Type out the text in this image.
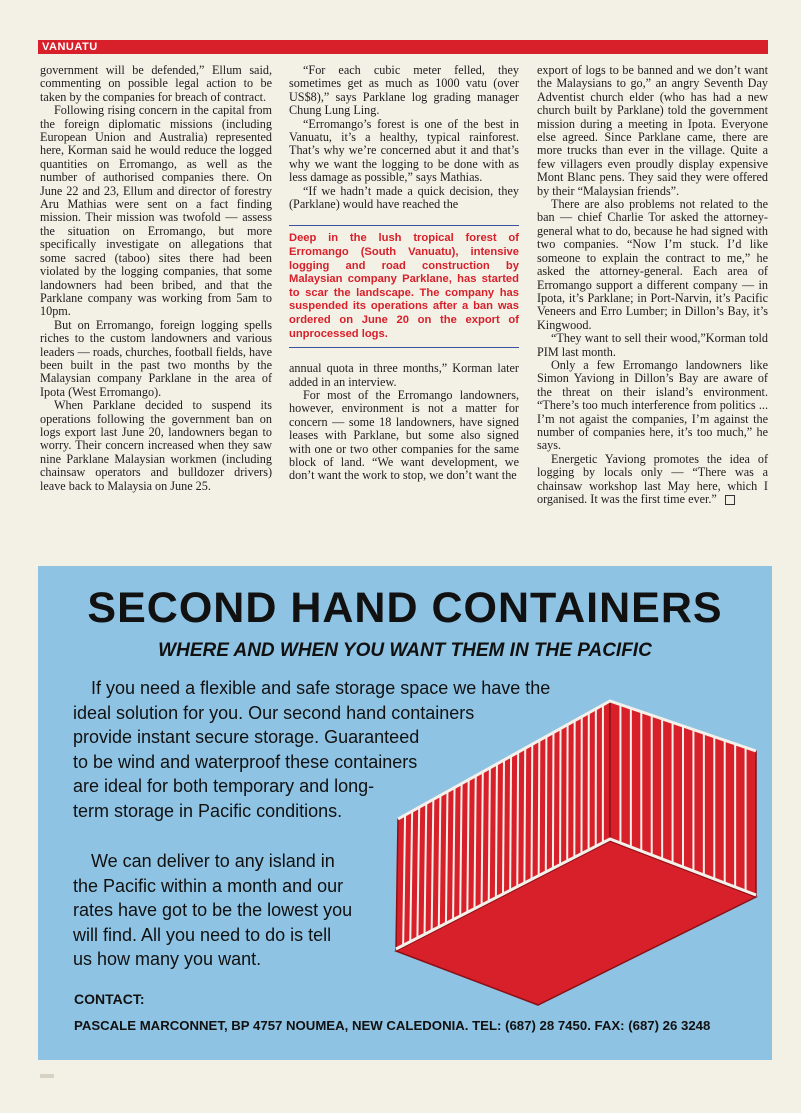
VANUATU

government will be defended,” Ellum said, commenting on possible legal action to be taken by the companies for breach of contract.

Following rising concern in the capital from the foreign diplomatic missions (including European Union and Australia) represented here, Korman said he would reduce the logged quantities on Erromango, as well as the number of authorised companies there. On June 22 and 23, Ellum and director of forestry Aru Mathias were sent on a fact finding mission. Their mission was twofold — assess the situation on Erromango, but more specifically investigate on allegations that some sacred (taboo) sites there had been violated by the logging companies, that some landowners had been bribed, and that the Parklane company was working from 5am to 10pm.

But on Erromango, foreign logging spells riches to the custom landowners and various leaders — roads, churches, football fields, have been built in the past two months by the Malaysian company Parklane in the area of Ipota (West Erromango).

When Parklane decided to suspend its operations following the government ban on logs export last June 20, landowners began to worry. Their concern increased when they saw nine Parklane Malaysian workmen (including chainsaw operators and bulldozer drivers) leave back to Malaysia on June 25.

“For each cubic meter felled, they sometimes get as much as 1000 vatu (over US$8),” says Parklane log grading manager Chung Lung Ling.

“Erromango’s forest is one of the best in Vanuatu, it’s a healthy, typical rainforest. That’s why we’re concerned abut it and that’s why we want the logging to be done with as less damage as possible,” says Mathias.

“If we hadn’t made a quick decision, they (Parklane) would have reached the

Deep in the lush tropical forest of Erromango (South Vanuatu), intensive logging and road construction by Malaysian company Parklane, has started to scar the landscape. The company has suspended its operations after a ban was ordered on June 20 on the export of unprocessed logs.

annual quota in three months,” Korman later added in an interview.

For most of the Erromango landowners, however, environment is not a matter for concern — some 18 landowners, have signed leases with Parklane, but some also signed with one or two other companies for the same block of land. “We want development, we don’t want the work to stop, we don’t want the

export of logs to be banned and we don’t want the Malaysians to go,” an angry Seventh Day Adventist church elder (who has had a new church built by Parklane) told the government mission during a meeting in Ipota. Everyone else agreed. Since Parklane came, there are more trucks than ever in the village. Quite a few villagers even proudly display expensive Mont Blanc pens. They said they were offered by their “Malaysian friends”.

There are also problems not related to the ban — chief Charlie Tor asked the attorney-general what to do, because he had signed with two companies. “Now I’m stuck. I’d like someone to explain the contract to me,” he asked the attorney-general. Each area of Erromango support a different company — in Ipota, it’s Parklane; in Port-Narvin, it’s Pacific Veneers and Erro Lumber; in Dillon’s Bay, it’s Kingwood.

“They want to sell their wood,”Korman told PIM last month.

Only a few Erromango landowners like Simon Yaviong in Dillon’s Bay are aware of the threat on their island’s environment. “There’s too much interference from politics ... I’m not agaist the companies, I’m against the number of companies here, it’s too much,” he says.

Energetic Yaviong promotes the idea of logging by locals only — “There was a chainsaw workshop last May here, which I organised. It was the first time ever.”

SECOND HAND CONTAINERS
WHERE AND WHEN YOU WANT THEM IN THE PACIFIC
If you need a flexible and safe storage space we have the
ideal solution for you. Our second hand containers
provide instant secure storage. Guaranteed
to be wind and waterproof these containers
are ideal for both temporary and long-
term storage in Pacific conditions.
We can deliver to any island in
the Pacific within a month and our
rates have got to be the lowest you
will find. All you need to do is tell
us how many you want.
CONTACT:
PASCALE MARCONNET, BP 4757 NOUMEA, NEW CALEDONIA. TEL: (687) 28 7450. FAX: (687) 26 3248
